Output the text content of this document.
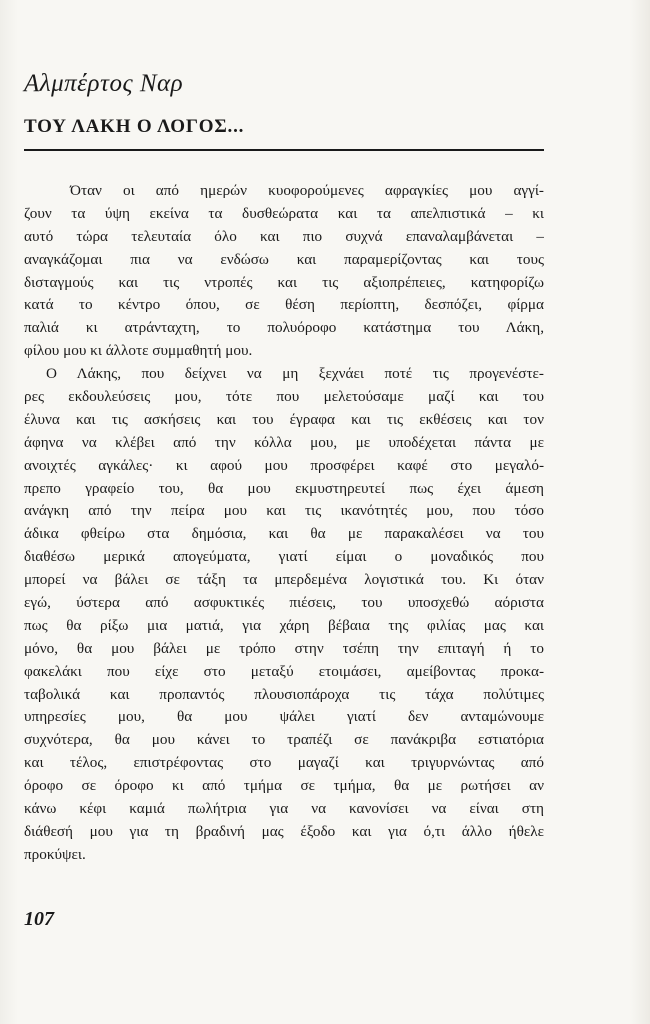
Αλμπέρτος Ναρ
ΤΟΥ ΛΑΚΗ Ο ΛΟΓΟΣ...
Όταν οι από ημερών κυοφορούμενες αφραγκίες μου αγγί-
ζουν τα ύψη εκείνα τα δυσθεώρατα και τα απελπιστικά – κι
αυτό τώρα τελευταία όλο και πιο συχνά επαναλαμβάνεται –
αναγκάζομαι πια να ενδώσω και παραμερίζοντας και τους
δισταγμούς και τις ντροπές και τις αξιοπρέπειες, κατηφορίζω
κατά το κέντρο όπου, σε θέση περίοπτη, δεσπόζει, φίρμα
παλιά κι ατράνταχτη, το πολυόροφο κατάστημα του Λάκη,
φίλου μου κι άλλοτε συμμαθητή μου.
Ο Λάκης, που δείχνει να μη ξεχνάει ποτέ τις προγενέστε-
ρες εκδουλεύσεις μου, τότε που μελετούσαμε μαζί και του
έλυνα και τις ασκήσεις και του έγραφα και τις εκθέσεις και τον
άφηνα να κλέβει από την κόλλα μου, με υποδέχεται πάντα με
ανοιχτές αγκάλες· κι αφού μου προσφέρει καφέ στο μεγαλό-
πρεπο γραφείο του, θα μου εκμυστηρευτεί πως έχει άμεση
ανάγκη από την πείρα μου και τις ικανότητές μου, που τόσο
άδικα φθείρω στα δημόσια, και θα με παρακαλέσει να του
διαθέσω μερικά απογεύματα, γιατί είμαι ο μοναδικός που
μπορεί να βάλει σε τάξη τα μπερδεμένα λογιστικά του. Κι όταν
εγώ, ύστερα από ασφυκτικές πιέσεις, του υποσχεθώ αόριστα
πως θα ρίξω μια ματιά, για χάρη βέβαια της φιλίας μας και
μόνο, θα μου βάλει με τρόπο στην τσέπη την επιταγή ή το
φακελάκι που είχε στο μεταξύ ετοιμάσει, αμείβοντας προκα-
ταβολικά και προπαντός πλουσιοπάροχα τις τάχα πολύτιμες
υπηρεσίες μου, θα μου ψάλει γιατί δεν ανταμώνουμε
συχνότερα, θα μου κάνει το τραπέζι σε πανάκριβα εστιατόρια
και τέλος, επιστρέφοντας στο μαγαζί και τριγυρνώντας από
όροφο σε όροφο κι από τμήμα σε τμήμα, θα με ρωτήσει αν
κάνω κέφι καμιά πωλήτρια για να κανονίσει να είναι στη
διάθεσή μου για τη βραδινή μας έξοδο και για ό,τι άλλο ήθελε
προκύψει.
107
